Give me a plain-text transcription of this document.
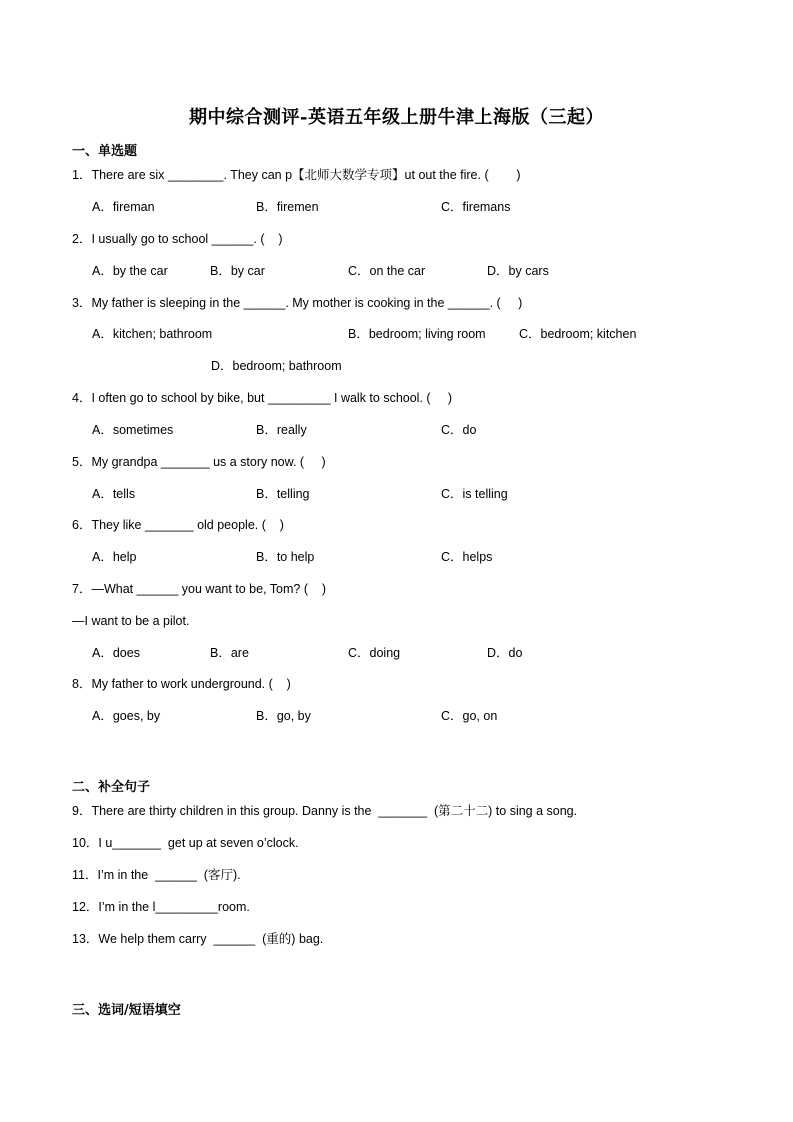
期中综合测评-英语五年级上册牛津上海版（三起）
一、单选题
1．There are six ________. They can p【北师大数学专项】ut out the fire. (        )
A．fireman	B．firemen	C．firemans
2．I usually go to school ______. (    )
A．by the car	B．by car	C．on the car	D．by cars
3．My father is sleeping in the ______. My mother is cooking in the ______. (     )
A．kitchen; bathroom	B．bedroom; living room	C．bedroom; kitchen
D．bedroom; bathroom
4．I often go to school by bike, but _________ I walk to school. (     )
A．sometimes	B．really	C．do
5．My grandpa _______ us a story now. (     )
A．tells	B．telling	C．is telling
6．They like _______ old people. (    )
A．help	B．to help	C．helps
7．—What ______ you want to be, Tom? (    )
—I want to be a pilot.
A．does	B．are	C．doing	D．do
8．My father to work underground. (    )
A．goes, by	B．go, by	C．go, on
二、补全句子
9．There are thirty children in this group. Danny is the  _______  (第二十二) to sing a song.
10．I u_______  get up at seven o’clock.
11．I’m in the  ______  (客厅).
12．I’m in the l_________room.
13．We help them carry  ______  (重的) bag.
三、选词/短语填空
